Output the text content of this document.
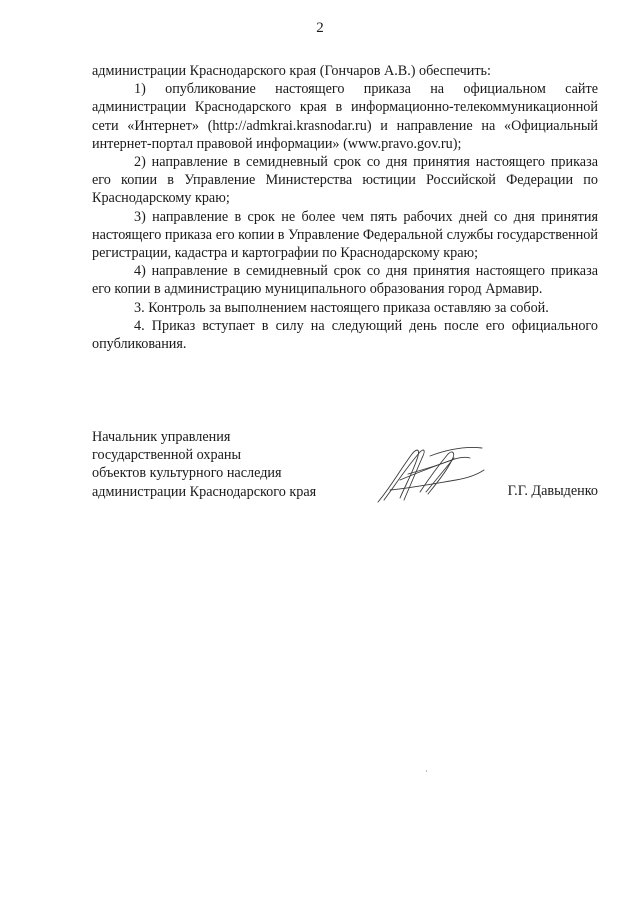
2

администрации Краснодарского края (Гончаров А.В.) обеспечить:

1) опубликование настоящего приказа на официальном сайте администрации Краснодарского края в информационно-телекоммуникационной сети «Интернет» (http://admkrai.krasnodar.ru) и направление на «Официальный интернет-портал правовой информации» (www.pravo.gov.ru);

2) направление в семидневный срок со дня принятия настоящего приказа его копии в Управление Министерства юстиции Российской Федерации по Краснодарскому краю;

3) направление в срок не более чем пять рабочих дней со дня принятия настоящего приказа его копии в Управление Федеральной службы государственной регистрации, кадастра и картографии по Краснодарскому краю;

4) направление в семидневный срок со дня принятия настоящего приказа его копии в администрацию муниципального образования город Армавир.

3. Контроль за выполнением настоящего приказа оставляю за собой.

4. Приказ вступает в силу на следующий день после его официального опубликования.

Начальник управления
государственной охраны
объектов культурного наследия
администрации Краснодарского края	Г.Г. Давыденко
